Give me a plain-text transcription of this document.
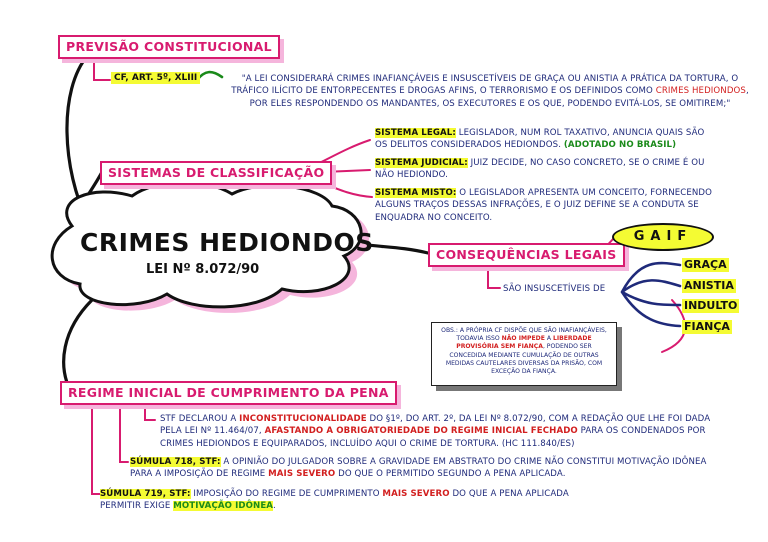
CRIMES HEDIONDOS
LEI Nº 8.072/90
PREVISÃO CONSTITUCIONAL
CF, ART. 5º, XLIII	"A LEI CONSIDERARÁ CRIMES INAFIANÇÁVEIS E INSUSCETÍVEIS DE GRAÇA OU ANISTIA A PRÁTICA DA TORTURA, O TRÁFICO ILÍCITO DE ENTORPECENTES E DROGAS AFINS, O TERRORISMO E OS DEFINIDOS COMO CRIMES HEDIONDOS, POR ELES RESPONDENDO OS MANDANTES, OS EXECUTORES E OS QUE, PODENDO EVITÁ-LOS, SE OMITIREM;"
SISTEMAS DE CLASSIFICAÇÃO
SISTEMA LEGAL: LEGISLADOR, NUM ROL TAXATIVO, ANUNCIA QUAIS SÃO OS DELITOS CONSIDERADOS HEDIONDOS. (ADOTADO NO BRASIL)
SISTEMA JUDICIAL: JUIZ DECIDE, NO CASO CONCRETO, SE O CRIME É OU NÃO HEDIONDO.
SISTEMA MISTO: O LEGISLADOR APRESENTA UM CONCEITO, FORNECENDO ALGUNS TRAÇOS DESSAS INFRAÇÕES, E O JUIZ DEFINE SE A CONDUTA SE ENQUADRA NO CONCEITO.
CONSEQUÊNCIAS LEGAIS
GAIF
SÃO INSUSCETÍVEIS DE
GRAÇA
ANISTIA
INDULTO
FIANÇA
OBS.: A PRÓPRIA CF DISPÕE QUE SÃO INAFIANÇÁVEIS, TODAVIA ISSO NÃO IMPEDE A LIBERDADE PROVISÓRIA SEM FIANÇA, PODENDO SER CONCEDIDA MEDIANTE CUMULAÇÃO DE OUTRAS MEDIDAS CAUTELARES DIVERSAS DA PRISÃO, COM EXCEÇÃO DA FIANÇA.
REGIME INICIAL DE CUMPRIMENTO DA PENA
STF DECLAROU A INCONSTITUCIONALIDADE DO §1º, DO ART. 2º, DA LEI Nº 8.072/90, COM A REDAÇÃO QUE LHE FOI DADA PELA LEI Nº 11.464/07, AFASTANDO A OBRIGATORIEDADE DO REGIME INICIAL FECHADO PARA OS CONDENADOS POR CRIMES HEDIONDOS E EQUIPARADOS, INCLUÍDO AQUI O CRIME DE TORTURA. (HC 111.840/ES)
SÚMULA 718, STF: A OPINIÃO DO JULGADOR SOBRE A GRAVIDADE EM ABSTRATO DO CRIME NÃO CONSTITUI MOTIVAÇÃO IDÔNEA PARA A IMPOSIÇÃO DE REGIME MAIS SEVERO DO QUE O PERMITIDO SEGUNDO A PENA APLICADA.
SÚMULA 719, STF: IMPOSIÇÃO DO REGIME DE CUMPRIMENTO MAIS SEVERO DO QUE A PENA APLICADA PERMITIR EXIGE MOTIVAÇÃO IDÔNEA.
